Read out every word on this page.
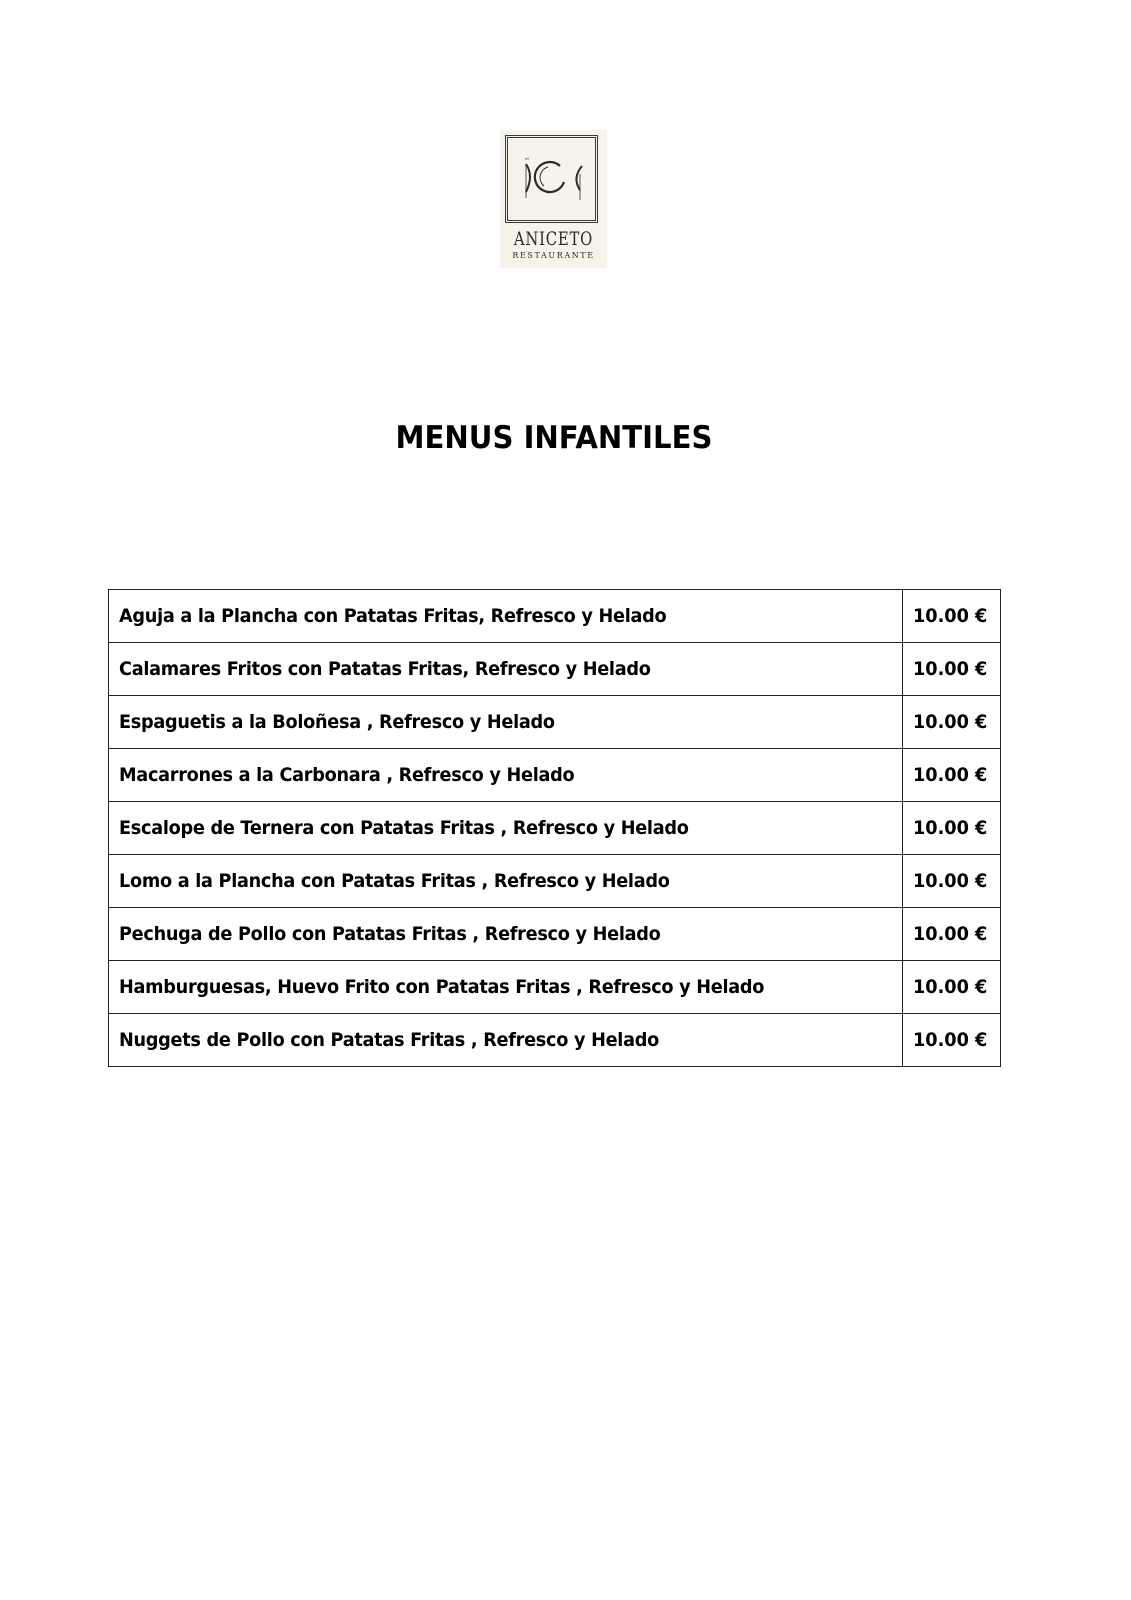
ᵉᵗ
ANICETO
RESTAURANTE
MENUS INFANTILES
Aguja a la Plancha con Patatas Fritas, Refresco y Helado	10.00 €
Calamares Fritos con Patatas Fritas, Refresco y Helado	10.00 €
Espaguetis a la Boloñesa , Refresco y Helado	10.00 €
Macarrones a la Carbonara , Refresco y Helado	10.00 €
Escalope de Ternera con Patatas Fritas , Refresco y Helado	10.00 €
Lomo a la Plancha con Patatas Fritas , Refresco y Helado	10.00 €
Pechuga de Pollo con Patatas Fritas , Refresco y Helado	10.00 €
Hamburguesas, Huevo Frito con Patatas Fritas , Refresco y Helado	10.00 €
Nuggets de Pollo con Patatas Fritas , Refresco y Helado	10.00 €
